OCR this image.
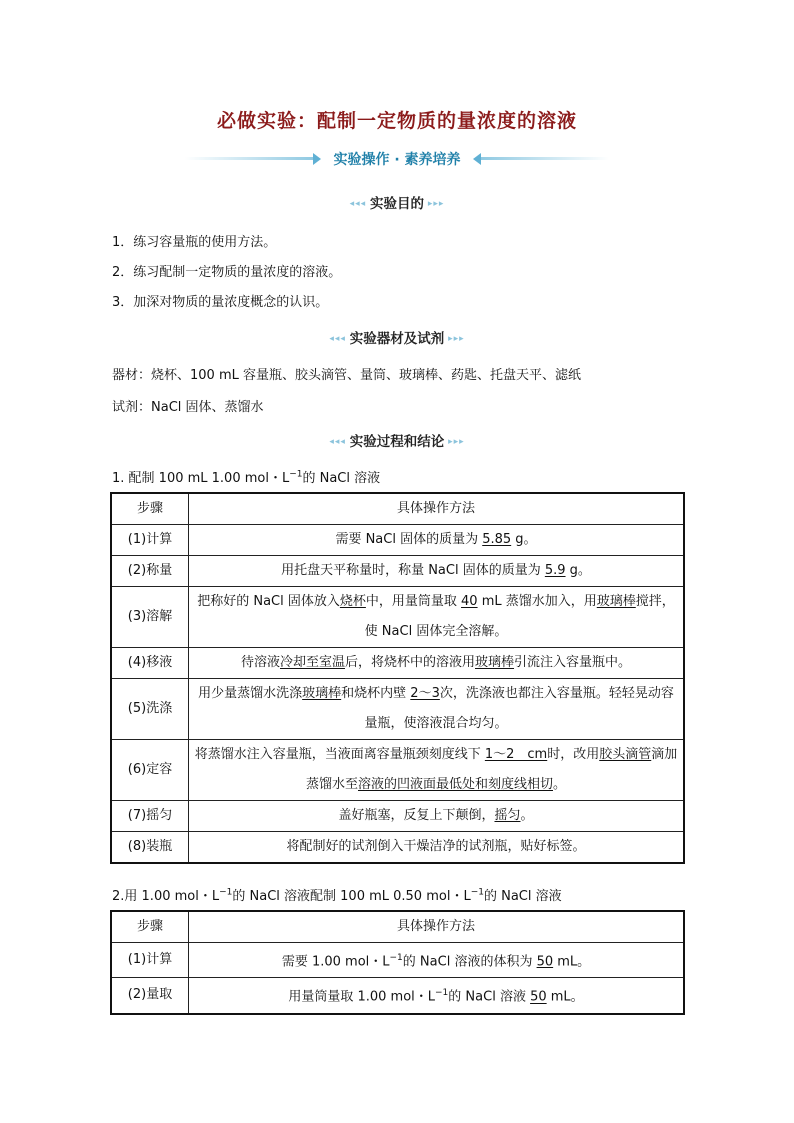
必做实验：配制一定物质的量浓度的溶液
实验操作 · 素养培养
◂◂◂ 实验目的 ▸▸▸
1．练习容量瓶的使用方法。
2．练习配制一定物质的量浓度的溶液。
3．加深对物质的量浓度概念的认识。
◂◂◂ 实验器材及试剂 ▸▸▸
器材：烧杯、100 mL 容量瓶、胶头滴管、量筒、玻璃棒、药匙、托盘天平、滤纸
试剂：NaCl 固体、蒸馏水
◂◂◂ 实验过程和结论 ▸▸▸
1. 配制 100 mL 1.00 mol・$L^{-1}$的 NaCl 溶液
步骤	具体操作方法
(1)计算	需要 NaCl 固体的质量为 5.85 g。
(2)称量	用托盘天平称量时，称量 NaCl 固体的质量为 5.9 g。
(3)溶解	把称好的 NaCl 固体放入烧杯中，用量筒量取 40 mL 蒸馏水加入，用玻璃棒搅拌，使 NaCl 固体完全溶解。
(4)移液	待溶液冷却至室温后，将烧杯中的溶液用玻璃棒引流注入容量瓶中。
(5)洗涤	用少量蒸馏水洗涤玻璃棒和烧杯内壁 2～3次，洗涤液也都注入容量瓶。轻轻晃动容量瓶，使溶液混合均匀。
(6)定容	将蒸馏水注入容量瓶，当液面离容量瓶颈刻度线下 1～2　cm时，改用胶头滴管滴加蒸馏水至溶液的凹液面最低处和刻度线相切。
(7)摇匀	盖好瓶塞，反复上下颠倒，摇匀。
(8)装瓶	将配制好的试剂倒入干燥洁净的试剂瓶，贴好标签。
2.用 1.00 mol・$L^{-1}$的 NaCl 溶液配制 100 mL 0.50 mol・$L^{-1}$的 NaCl 溶液
步骤	具体操作方法
(1)计算	需要 1.00 mol・$L^{-1}$的 NaCl 溶液的体积为 50 mL。
(2)量取	用量筒量取 1.00 mol・$L^{-1}$的 NaCl 溶液 50 mL。
